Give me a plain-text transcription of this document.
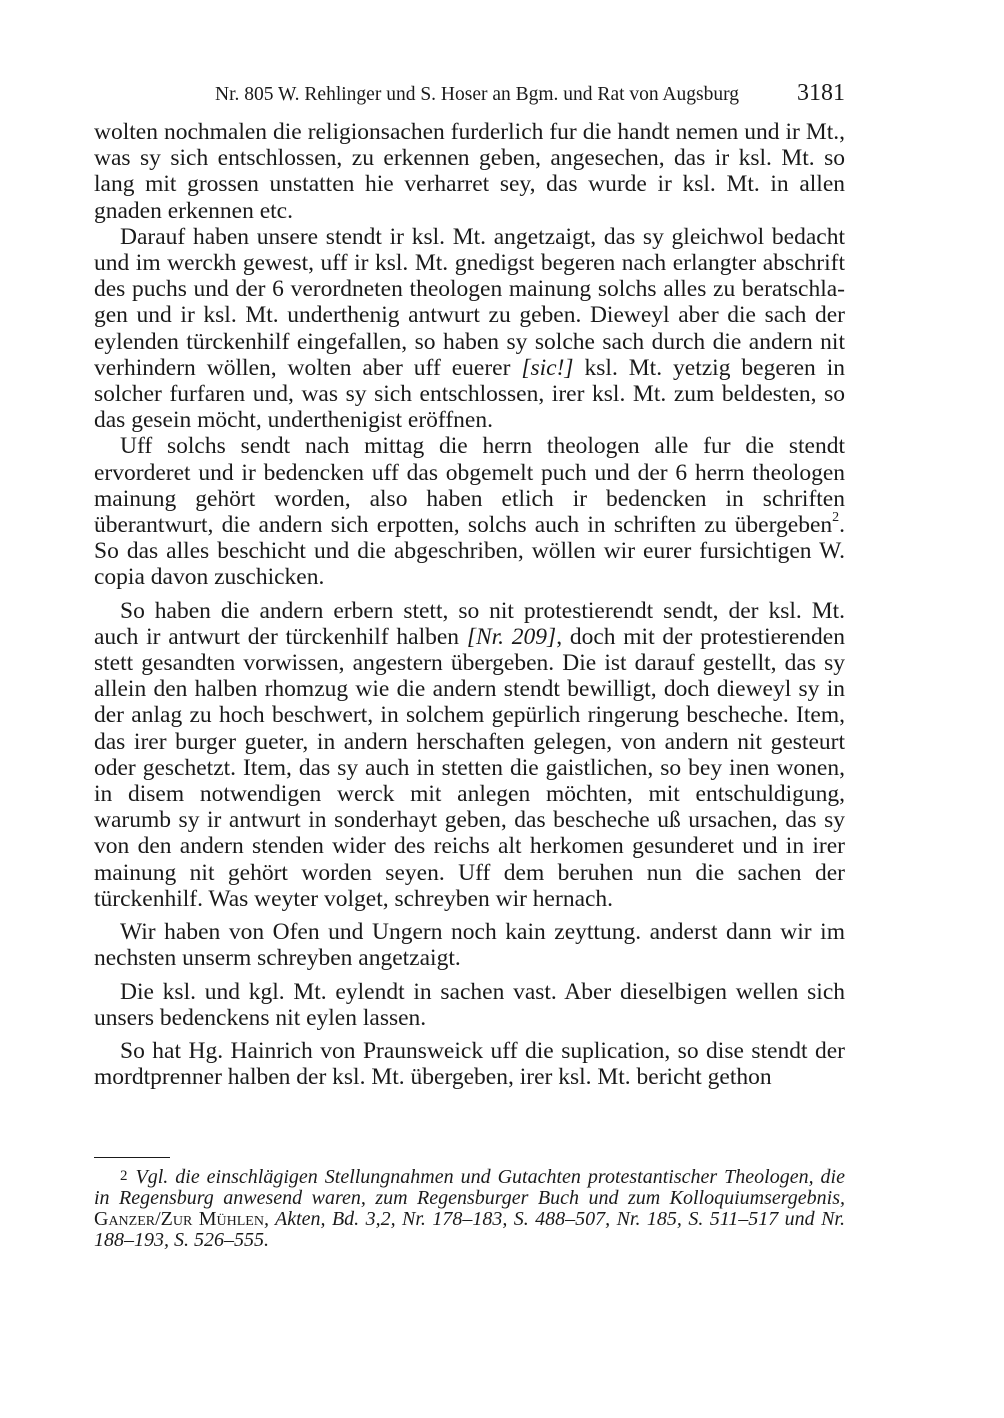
Nr. 805 W. Rehlinger und S. Hoser an Bgm. und Rat von Augsburg 3181

wolten nochmalen die religionsachen furderlich fur die handt nemen und ir Mt., was sy sich entschlossen, zu erkennen geben, angesechen, das ir ksl. Mt. so lang mit grossen unstatten hie verharret sey, das wurde ir ksl. Mt. in allen gnaden erkennen etc.

Darauf haben unsere stendt ir ksl. Mt. angetzaigt, das sy gleichwol bedacht und im werckh gewest, uff ir ksl. Mt. gnedigst begeren nach erlangter abschrift des puchs und der 6 verordneten theologen mainung solchs alles zu beratschlagen und ir ksl. Mt. underthenig antwurt zu geben. Dieweyl aber die sach der eylenden türckenhilf eingefallen, so haben sy solche sach durch die andern nit verhindern wöllen, wolten aber uff euerer [sic!] ksl. Mt. yetzig begeren in solcher furfaren und, was sy sich entschlossen, irer ksl. Mt. zum beldesten, so das gesein möcht, underthenigist eröffnen.

Uff solchs sendt nach mittag die herrn theologen alle fur die stendt ervorderet und ir bedencken uff das obgemelt puch und der 6 herrn theologen mainung gehört worden, also haben etlich ir bedencken in schriften überantwurt, die andern sich erpotten, solchs auch in schriften zu übergeben$^2$. So das alles beschicht und die abgeschriben, wöllen wir eurer fursichtigen W. copia davon zuschicken.

So haben die andern erbern stett, so nit protestierendt sendt, der ksl. Mt. auch ir antwurt der türckenhilf halben [Nr. 209], doch mit der protestierenden stett gesandten vorwissen, angestern übergeben. Die ist darauf gestellt, das sy allein den halben rhomzug wie die andern stendt bewilligt, doch dieweyl sy in der anlag zu hoch beschwert, in solchem gepürlich ringerung bescheche. Item, das irer burger gueter, in andern herschaften gelegen, von andern nit gesteurt oder geschetzt. Item, das sy auch in stetten die gaistlichen, so bey inen wonen, in disem notwendigen werck mit anlegen möchten, mit entschuldigung, warumb sy ir antwurt in sonderhayt geben, das bescheche uß ursachen, das sy von den andern stenden wider des reichs alt herkomen gesunderet und in irer mainung nit gehört worden seyen. Uff dem beruhen nun die sachen der türckenhilf. Was weyter volget, schreyben wir hernach.

Wir haben von Ofen und Ungern noch kain zeyttung. anderst dann wir im nechsten unserm schreyben angetzaigt.

Die ksl. und kgl. Mt. eylendt in sachen vast. Aber dieselbigen wellen sich unsers bedenckens nit eylen lassen.

So hat Hg. Hainrich von Praunsweick uff die suplication, so dise stendt der mordtprenner halben der ksl. Mt. übergeben, irer ksl. Mt. bericht gethon

2 Vgl. die einschlägigen Stellungnahmen und Gutachten protestantischer Theologen, die in Regensburg anwesend waren, zum Regensburger Buch und zum Kolloquiumsergebnis, Ganzer/Zur Mühlen, Akten, Bd. 3,2, Nr. 178–183, S. 488–507, Nr. 185, S. 511–517 und Nr. 188–193, S. 526–555.
